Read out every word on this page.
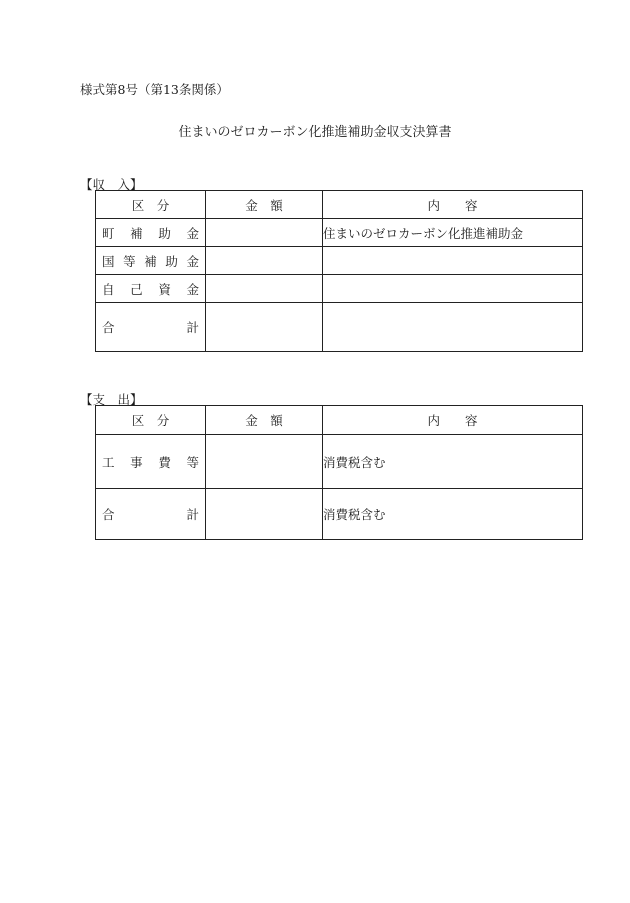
様式第8号（第13条関係）
住まいのゼロカーボン化推進補助金収支決算書
【収　入】
区　分	金　額	内　　容

町 補 助 金		住まいのゼロカーボン化推進補助金

国 等 補 助 金		

自 己 資 金		

合 計		

【支　出】
区　分	金　額	内　　容

工 事 費 等		消費税含む

合 計		消費税含む
